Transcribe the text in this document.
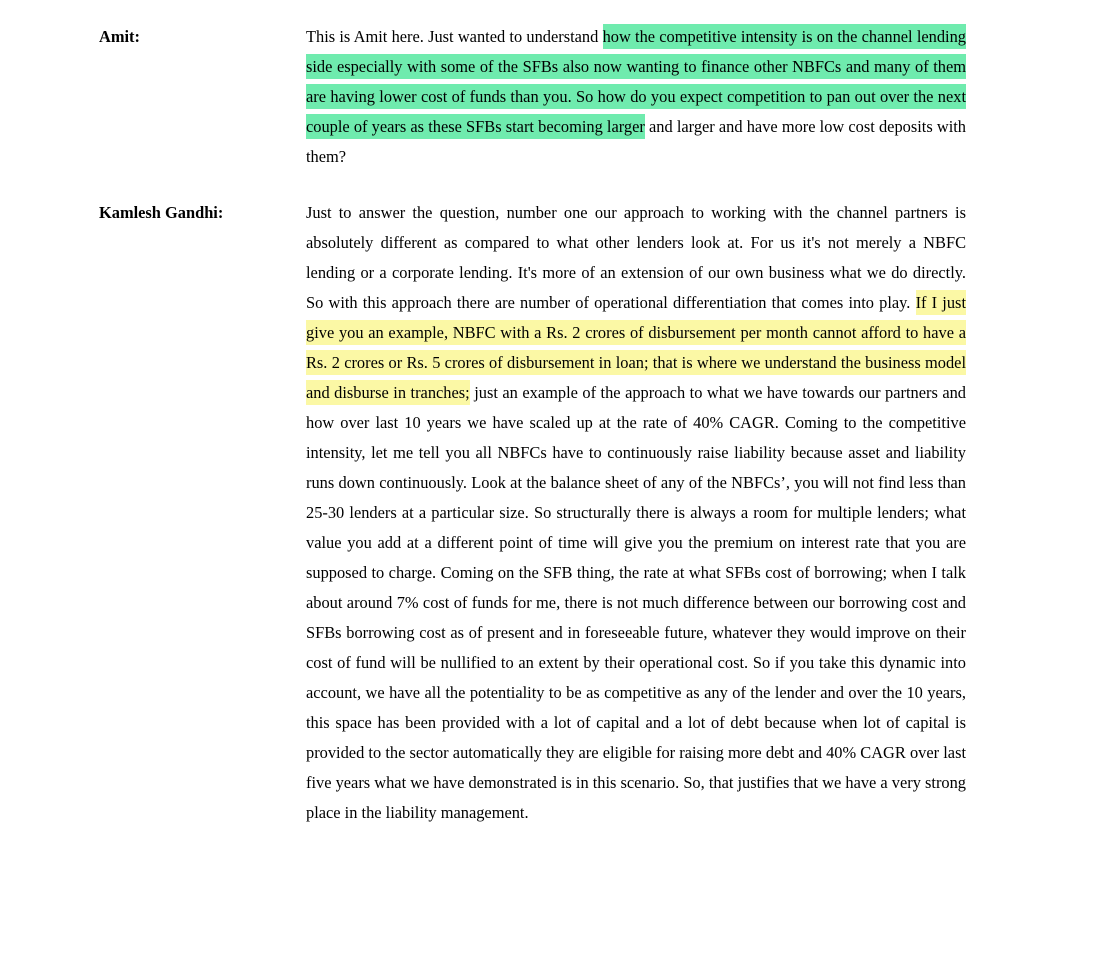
Amit:	This is Amit here. Just wanted to understand how the competitive intensity is on the channel lending side especially with some of the SFBs also now wanting to finance other NBFCs and many of them are having lower cost of funds than you. So how do you expect competition to pan out over the next couple of years as these SFBs start becoming larger and larger and have more low cost deposits with them?
Kamlesh Gandhi:	Just to answer the question, number one our approach to working with the channel partners is absolutely different as compared to what other lenders look at. For us it's not merely a NBFC lending or a corporate lending. It's more of an extension of our own business what we do directly. So with this approach there are number of operational differentiation that comes into play. If I just give you an example, NBFC with a Rs. 2 crores of disbursement per month cannot afford to have a Rs. 2 crores or Rs. 5 crores of disbursement in loan; that is where we understand the business model and disburse in tranches; just an example of the approach to what we have towards our partners and how over last 10 years we have scaled up at the rate of 40% CAGR. Coming to the competitive intensity, let me tell you all NBFCs have to continuously raise liability because asset and liability runs down continuously. Look at the balance sheet of any of the NBFCs’, you will not find less than 25-30 lenders at a particular size. So structurally there is always a room for multiple lenders; what value you add at a different point of time will give you the premium on interest rate that you are supposed to charge. Coming on the SFB thing, the rate at what SFBs cost of borrowing; when I talk about around 7% cost of funds for me, there is not much difference between our borrowing cost and SFBs borrowing cost as of present and in foreseeable future, whatever they would improve on their cost of fund will be nullified to an extent by their operational cost. So if you take this dynamic into account, we have all the potentiality to be as competitive as any of the lender and over the 10 years, this space has been provided with a lot of capital and a lot of debt because when lot of capital is provided to the sector automatically they are eligible for raising more debt and 40% CAGR over last five years what we have demonstrated is in this scenario. So, that justifies that we have a very strong place in the liability management.
